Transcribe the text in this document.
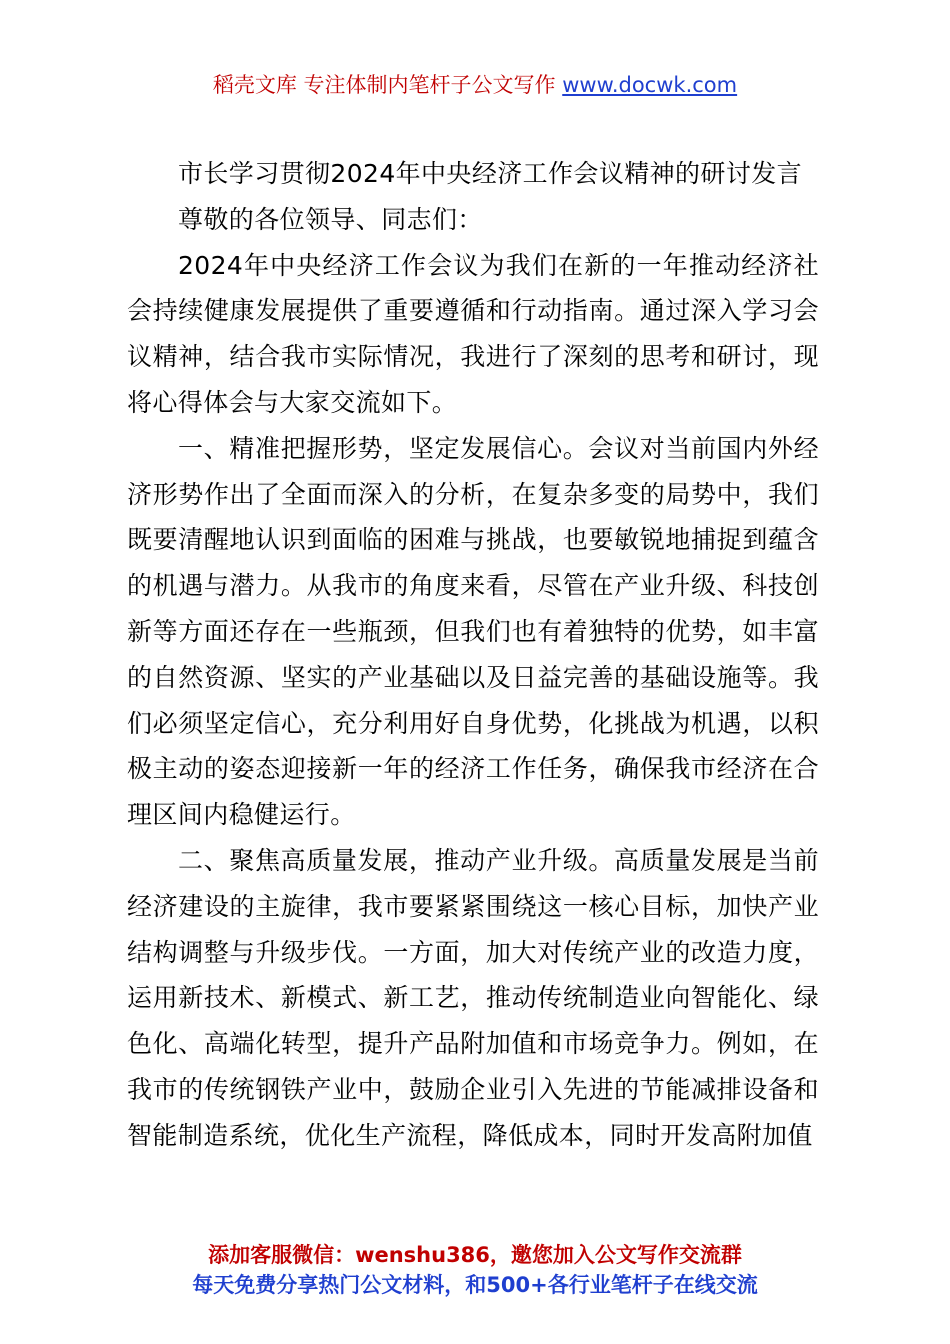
稻壳文库 专注体制内笔杆子公文写作 www.docwk.com

市长学习贯彻2024年中央经济工作会议精神的研讨发言

尊敬的各位领导、同志们：

2024年中央经济工作会议为我们在新的一年推动经济社会持续健康发展提供了重要遵循和行动指南。通过深入学习会议精神，结合我市实际情况，我进行了深刻的思考和研讨，现将心得体会与大家交流如下。

一、精准把握形势，坚定发展信心。会议对当前国内外经济形势作出了全面而深入的分析，在复杂多变的局势中，我们既要清醒地认识到面临的困难与挑战，也要敏锐地捕捉到蕴含的机遇与潜力。从我市的角度来看，尽管在产业升级、科技创新等方面还存在一些瓶颈，但我们也有着独特的优势，如丰富的自然资源、坚实的产业基础以及日益完善的基础设施等。我们必须坚定信心，充分利用好自身优势，化挑战为机遇，以积极主动的姿态迎接新一年的经济工作任务，确保我市经济在合理区间内稳健运行。

二、聚焦高质量发展，推动产业升级。高质量发展是当前经济建设的主旋律，我市要紧紧围绕这一核心目标，加快产业结构调整与升级步伐。一方面，加大对传统产业的改造力度，运用新技术、新模式、新工艺，推动传统制造业向智能化、绿色化、高端化转型，提升产品附加值和市场竞争力。例如，在我市的传统钢铁产业中，鼓励企业引入先进的节能减排设备和智能制造系统，优化生产流程，降低成本，同时开发高附加值

添加客服微信：wenshu386，邀您加入公文写作交流群
每天免费分享热门公文材料，和500+各行业笔杆子在线交流
